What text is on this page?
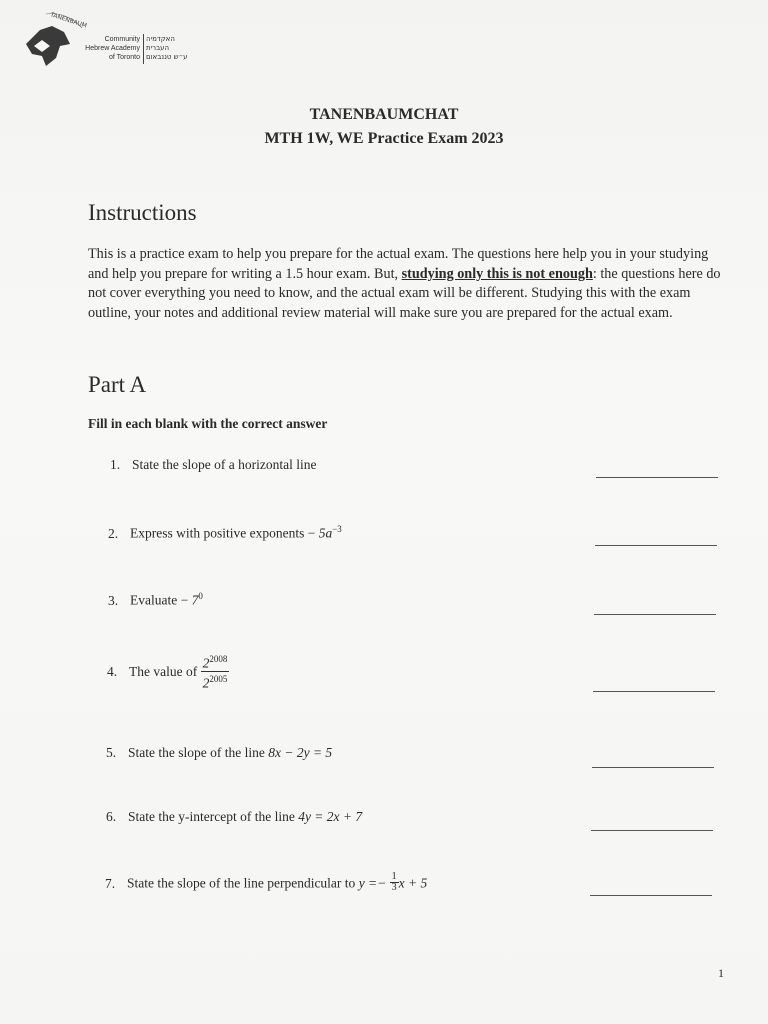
TANENBAUM
Community
Hebrew Academy
of Toronto
האקדמיה
העברית
ע״ש טננבאום
TANENBAUMCHAT
MTH 1W, WE Practice Exam 2023
Instructions
This is a practice exam to help you prepare for the actual exam. The questions here help you in your studying and help you prepare for writing a 1.5 hour exam. But, studying only this is not enough: the questions here do not cover everything you need to know, and the actual exam will be different. Studying this with the exam outline, your notes and additional review material will make sure you are prepared for the actual exam.
Part A
Fill in each blank with the correct answer
1. State the slope of a horizontal line
2. Express with positive exponents − $5a^{-3}$
3. Evaluate − $7^0$
4. The value of $\frac{2^{2008}}{2^{2005}}$
5. State the slope of the line 8x − 2y = 5
6. State the y-intercept of the line 4y = 2x + 7
7. State the slope of the line perpendicular to $y =- \frac{1}{3}$ x + 5
1
